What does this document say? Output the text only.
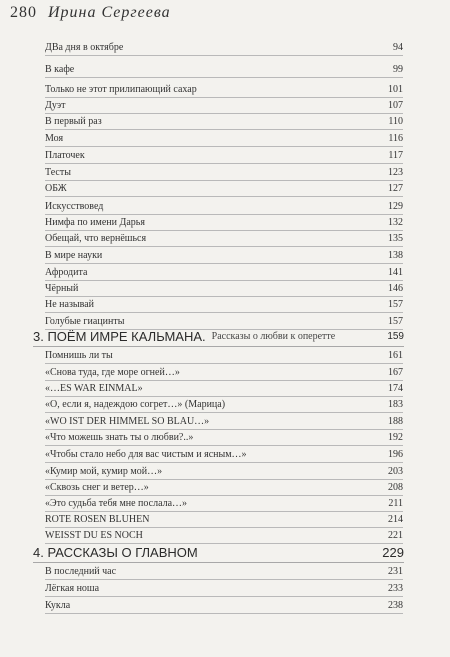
280 Ирина Сергеева
ДВа дня в октябре	94
В кафе	99
Только не этот прилипающий сахар	101
Дуэт	107
В первый раз	110
Моя	116
Платочек	117
Тесты	123
ОБЖ	127
Искусствовед	129
Нимфа по имени Дарья	132
Обещай, что вернёшься	135
В мире науки	138
Афродита	141
Чёрный	146
Не называй	157
Голубые гиацинты	157
3. ПОЁМ ИМРЕ КАЛЬМАНА. Рассказы о любви к оперетте	159
Помнишь ли ты	161
«Снова туда, где море огней…»	167
«…ES WAR EINMAL»	174
«О, если я, надеждою согрет…» (Марица)	183
«WO IST DER HIMMEL SO BLAU…»	188
«Что можешь знать ты о любви?..»	192
«Чтобы стало небо для вас чистым и ясным…»	196
«Кумир мой, кумир мой…»	203
«Сквозь снег и ветер…»	208
«Это судьба тебя мне послала…»	211
ROTE ROSEN BLUHEN	214
WEISST DU ES NOCH	221
4. РАССКАЗЫ О ГЛАВНОМ	229
В последний час	231
Лёгкая ноша	233
Кукла	238
